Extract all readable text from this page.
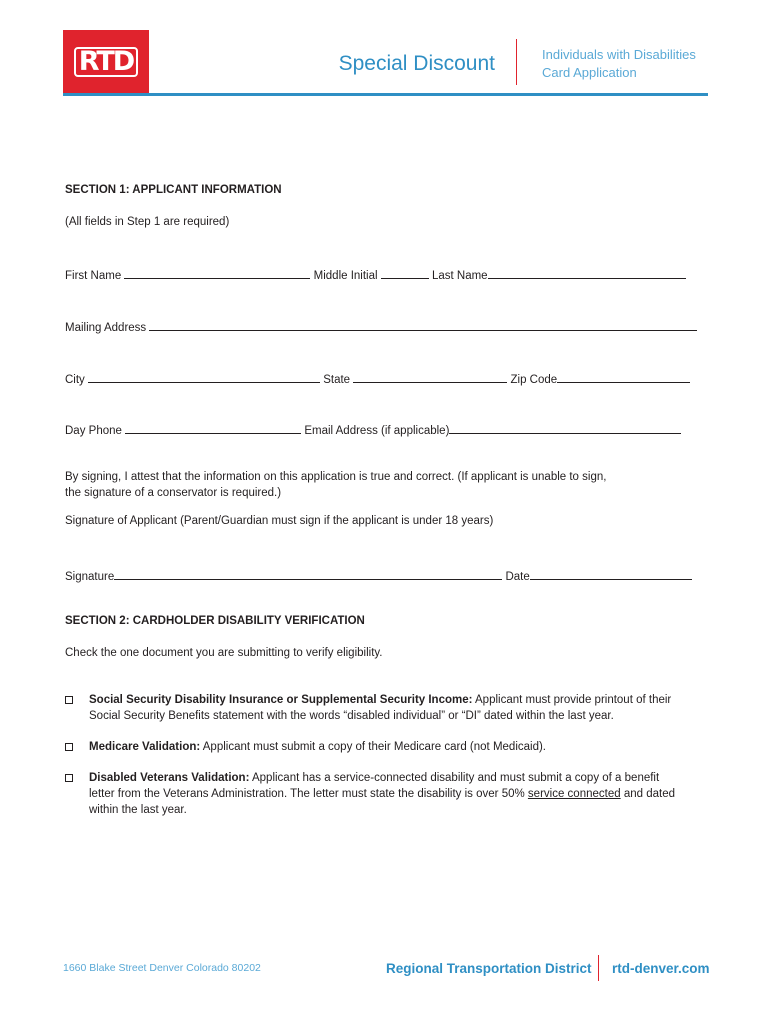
RTD	Special Discount	Individuals with Disabilities
Card Application
SECTION 1: APPLICANT INFORMATION
(All fields in Step 1 are required)
First Name	Middle Initial	Last Name
Mailing Address
City	State	Zip Code
Day Phone	Email Address (if applicable)
By signing, I attest that the information on this application is true and correct. (If applicant is unable to sign,
the signature of a conservator is required.)
Signature of Applicant (Parent/Guardian must sign if the applicant is under 18 years)
Signature	Date
SECTION 2: CARDHOLDER DISABILITY VERIFICATION
Check the one document you are submitting to verify eligibility.
Social Security Disability Insurance or Supplemental Security Income: Applicant must provide printout of their Social Security Benefits statement with the words “disabled individual” or “DI” dated within the last year.
Medicare Validation: Applicant must submit a copy of their Medicare card (not Medicaid).
Disabled Veterans Validation: Applicant has a service-connected disability and must submit a copy of a benefit letter from the Veterans Administration. The letter must state the disability is over 50% service connected and dated within the last year.
1660 Blake Street Denver Colorado 80202	Regional Transportation District rtd-denver.com
